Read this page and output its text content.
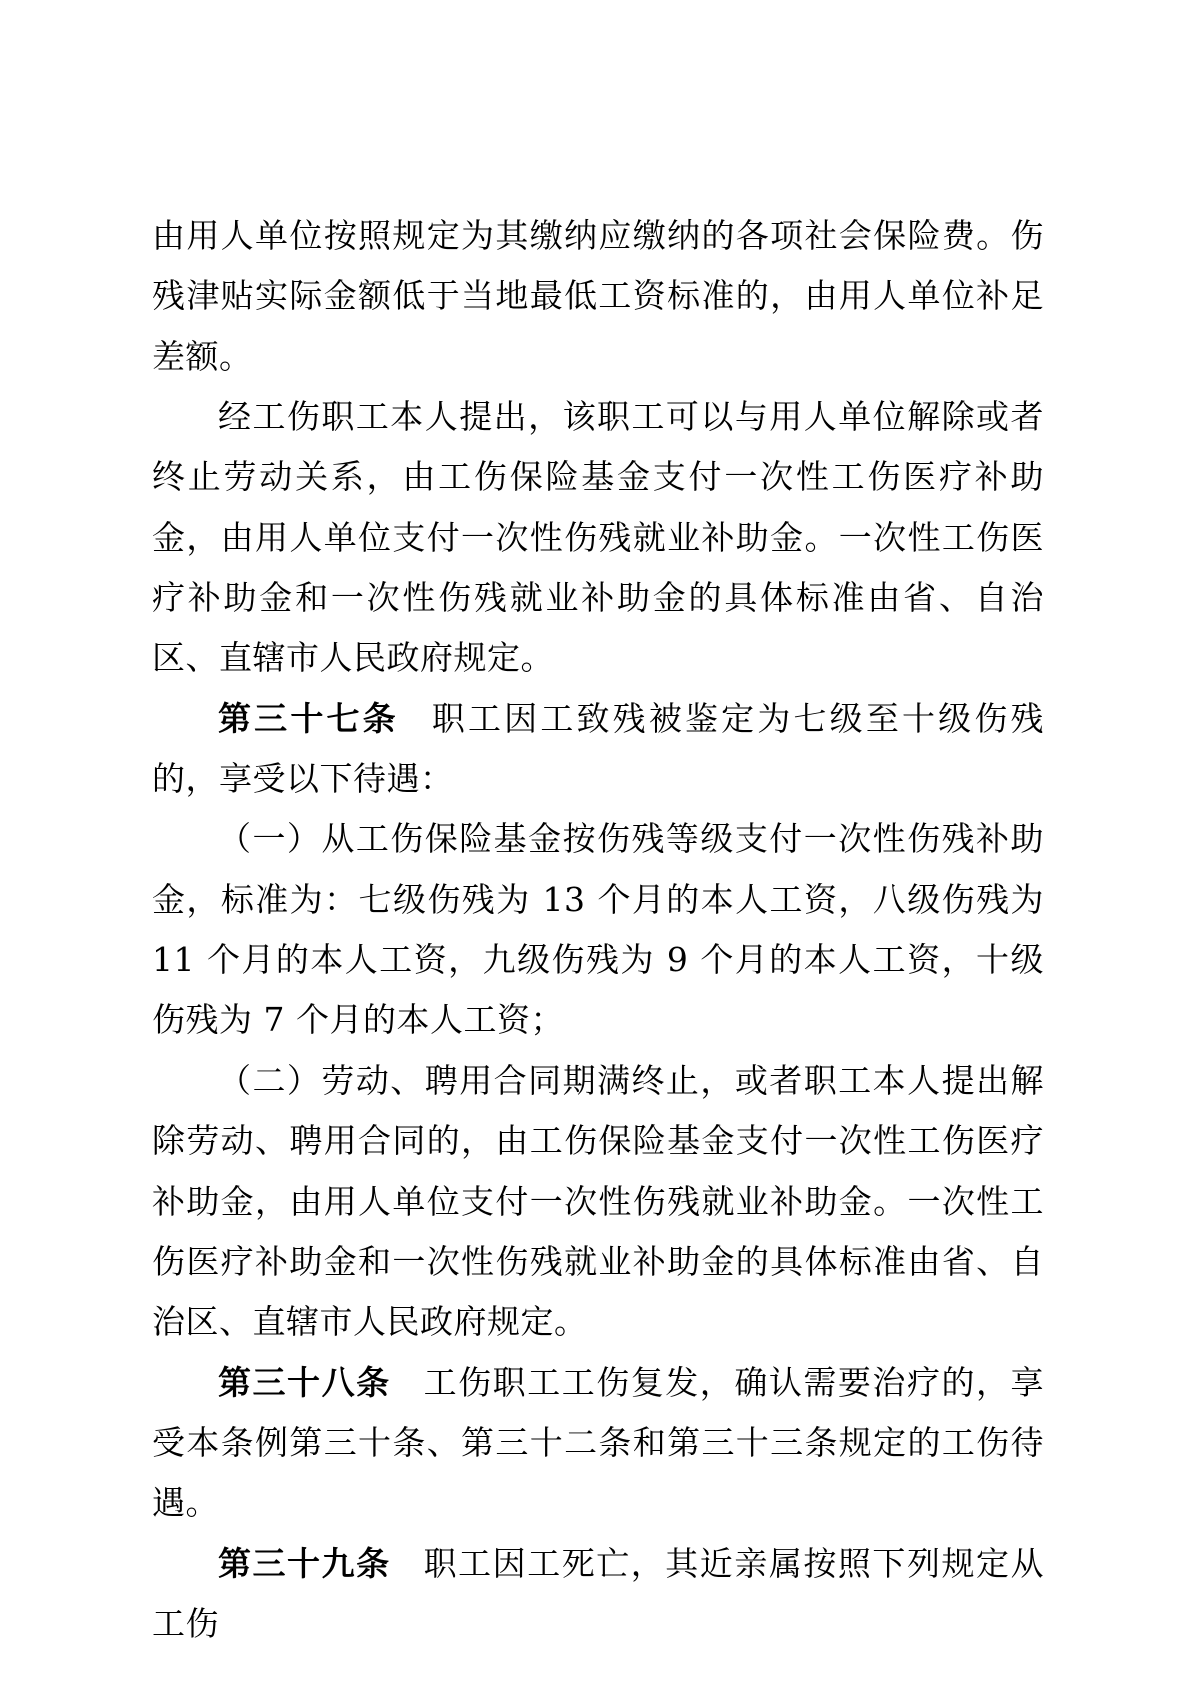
由用人单位按照规定为其缴纳应缴纳的各项社会保险费。伤残津贴实际金额低于当地最低工资标准的，由用人单位补足差额。

经工伤职工本人提出，该职工可以与用人单位解除或者终止劳动关系，由工伤保险基金支付一次性工伤医疗补助金，由用人单位支付一次性伤残就业补助金。一次性工伤医疗补助金和一次性伤残就业补助金的具体标准由省、自治区、直辖市人民政府规定。

第三十七条 职工因工致残被鉴定为七级至十级伤残的，享受以下待遇：

（一）从工伤保险基金按伤残等级支付一次性伤残补助金，标准为：七级伤残为 13 个月的本人工资，八级伤残为 11 个月的本人工资，九级伤残为 9 个月的本人工资，十级伤残为 7 个月的本人工资；

（二）劳动、聘用合同期满终止，或者职工本人提出解除劳动、聘用合同的，由工伤保险基金支付一次性工伤医疗补助金，由用人单位支付一次性伤残就业补助金。一次性工伤医疗补助金和一次性伤残就业补助金的具体标准由省、自治区、直辖市人民政府规定。

第三十八条 工伤职工工伤复发，确认需要治疗的，享受本条例第三十条、第三十二条和第三十三条规定的工伤待遇。

第三十九条 职工因工死亡，其近亲属按照下列规定从工伤
